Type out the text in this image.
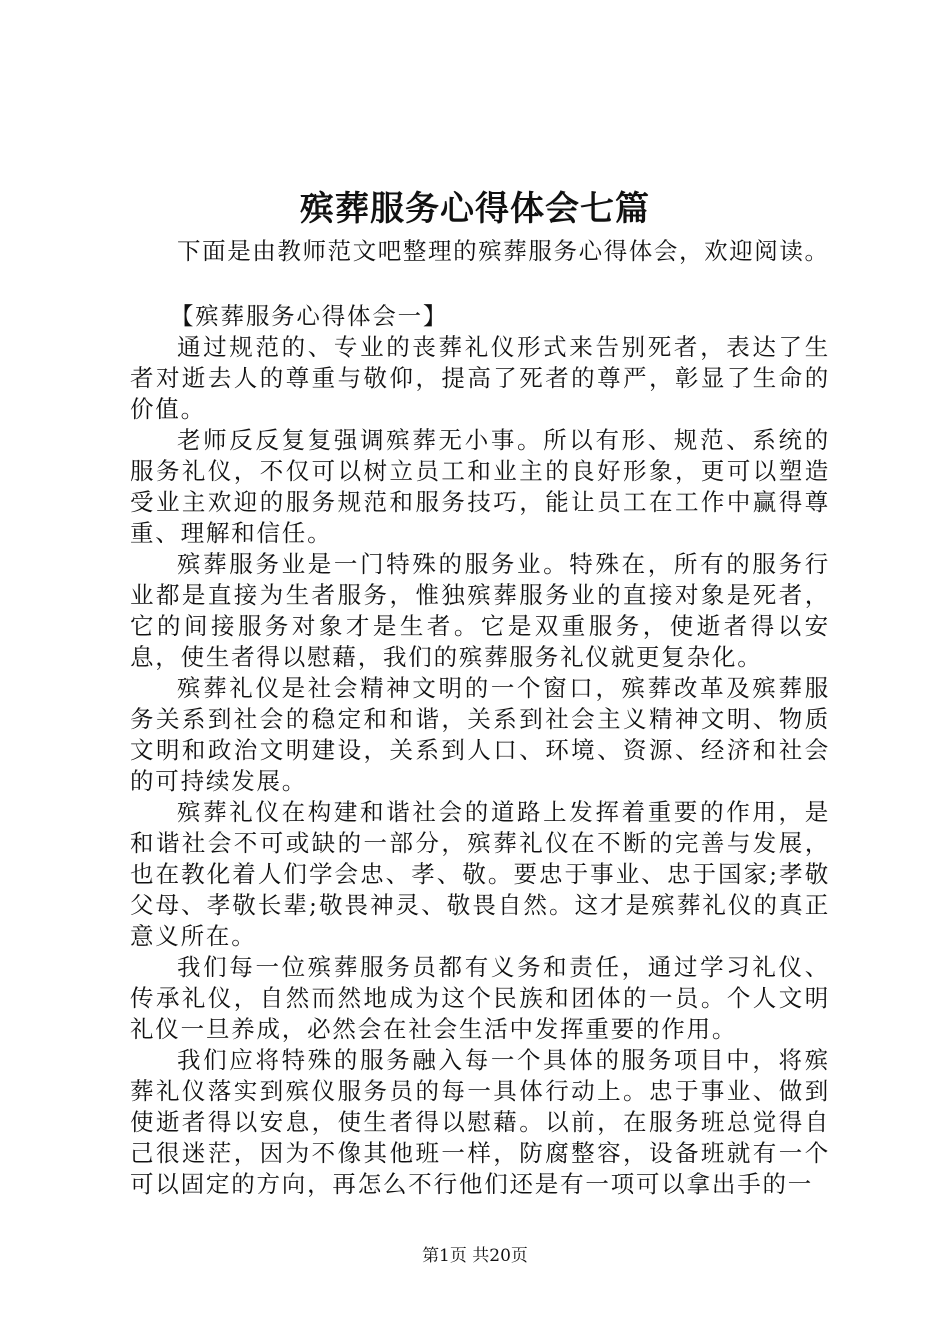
殡葬服务心得体会七篇

下面是由教师范文吧整理的殡葬服务心得体会，欢迎阅读。

【殡葬服务心得体会一】

通过规范的、专业的丧葬礼仪形式来告别死者，表达了生者对逝去人的尊重与敬仰，提高了死者的尊严，彰显了生命的价值。

老师反反复复强调殡葬无小事。所以有形、规范、系统的服务礼仪，不仅可以树立员工和业主的良好形象，更可以塑造受业主欢迎的服务规范和服务技巧，能让员工在工作中赢得尊重、理解和信任。

殡葬服务业是一门特殊的服务业。特殊在，所有的服务行业都是直接为生者服务，惟独殡葬服务业的直接对象是死者，它的间接服务对象才是生者。它是双重服务，使逝者得以安息，使生者得以慰藉，我们的殡葬服务礼仪就更复杂化。

殡葬礼仪是社会精神文明的一个窗口，殡葬改革及殡葬服务关系到社会的稳定和和谐，关系到社会主义精神文明、物质文明和政治文明建设，关系到人口、环境、资源、经济和社会的可持续发展。

殡葬礼仪在构建和谐社会的道路上发挥着重要的作用，是和谐社会不可或缺的一部分，殡葬礼仪在不断的完善与发展，也在教化着人们学会忠、孝、敬。要忠于事业、忠于国家;孝敬父母、孝敬长辈;敬畏神灵、敬畏自然。这才是殡葬礼仪的真正意义所在。

我们每一位殡葬服务员都有义务和责任，通过学习礼仪、传承礼仪，自然而然地成为这个民族和团体的一员。个人文明礼仪一旦养成，必然会在社会生活中发挥重要的作用。

我们应将特殊的服务融入每一个具体的服务项目中，将殡葬礼仪落实到殡仪服务员的每一具体行动上。忠于事业、做到使逝者得以安息，使生者得以慰藉。以前，在服务班总觉得自己很迷茫，因为不像其他班一样，防腐整容，设备班就有一个可以固定的方向，再怎么不行他们还是有一项可以拿出手的一

第1页 共20页
